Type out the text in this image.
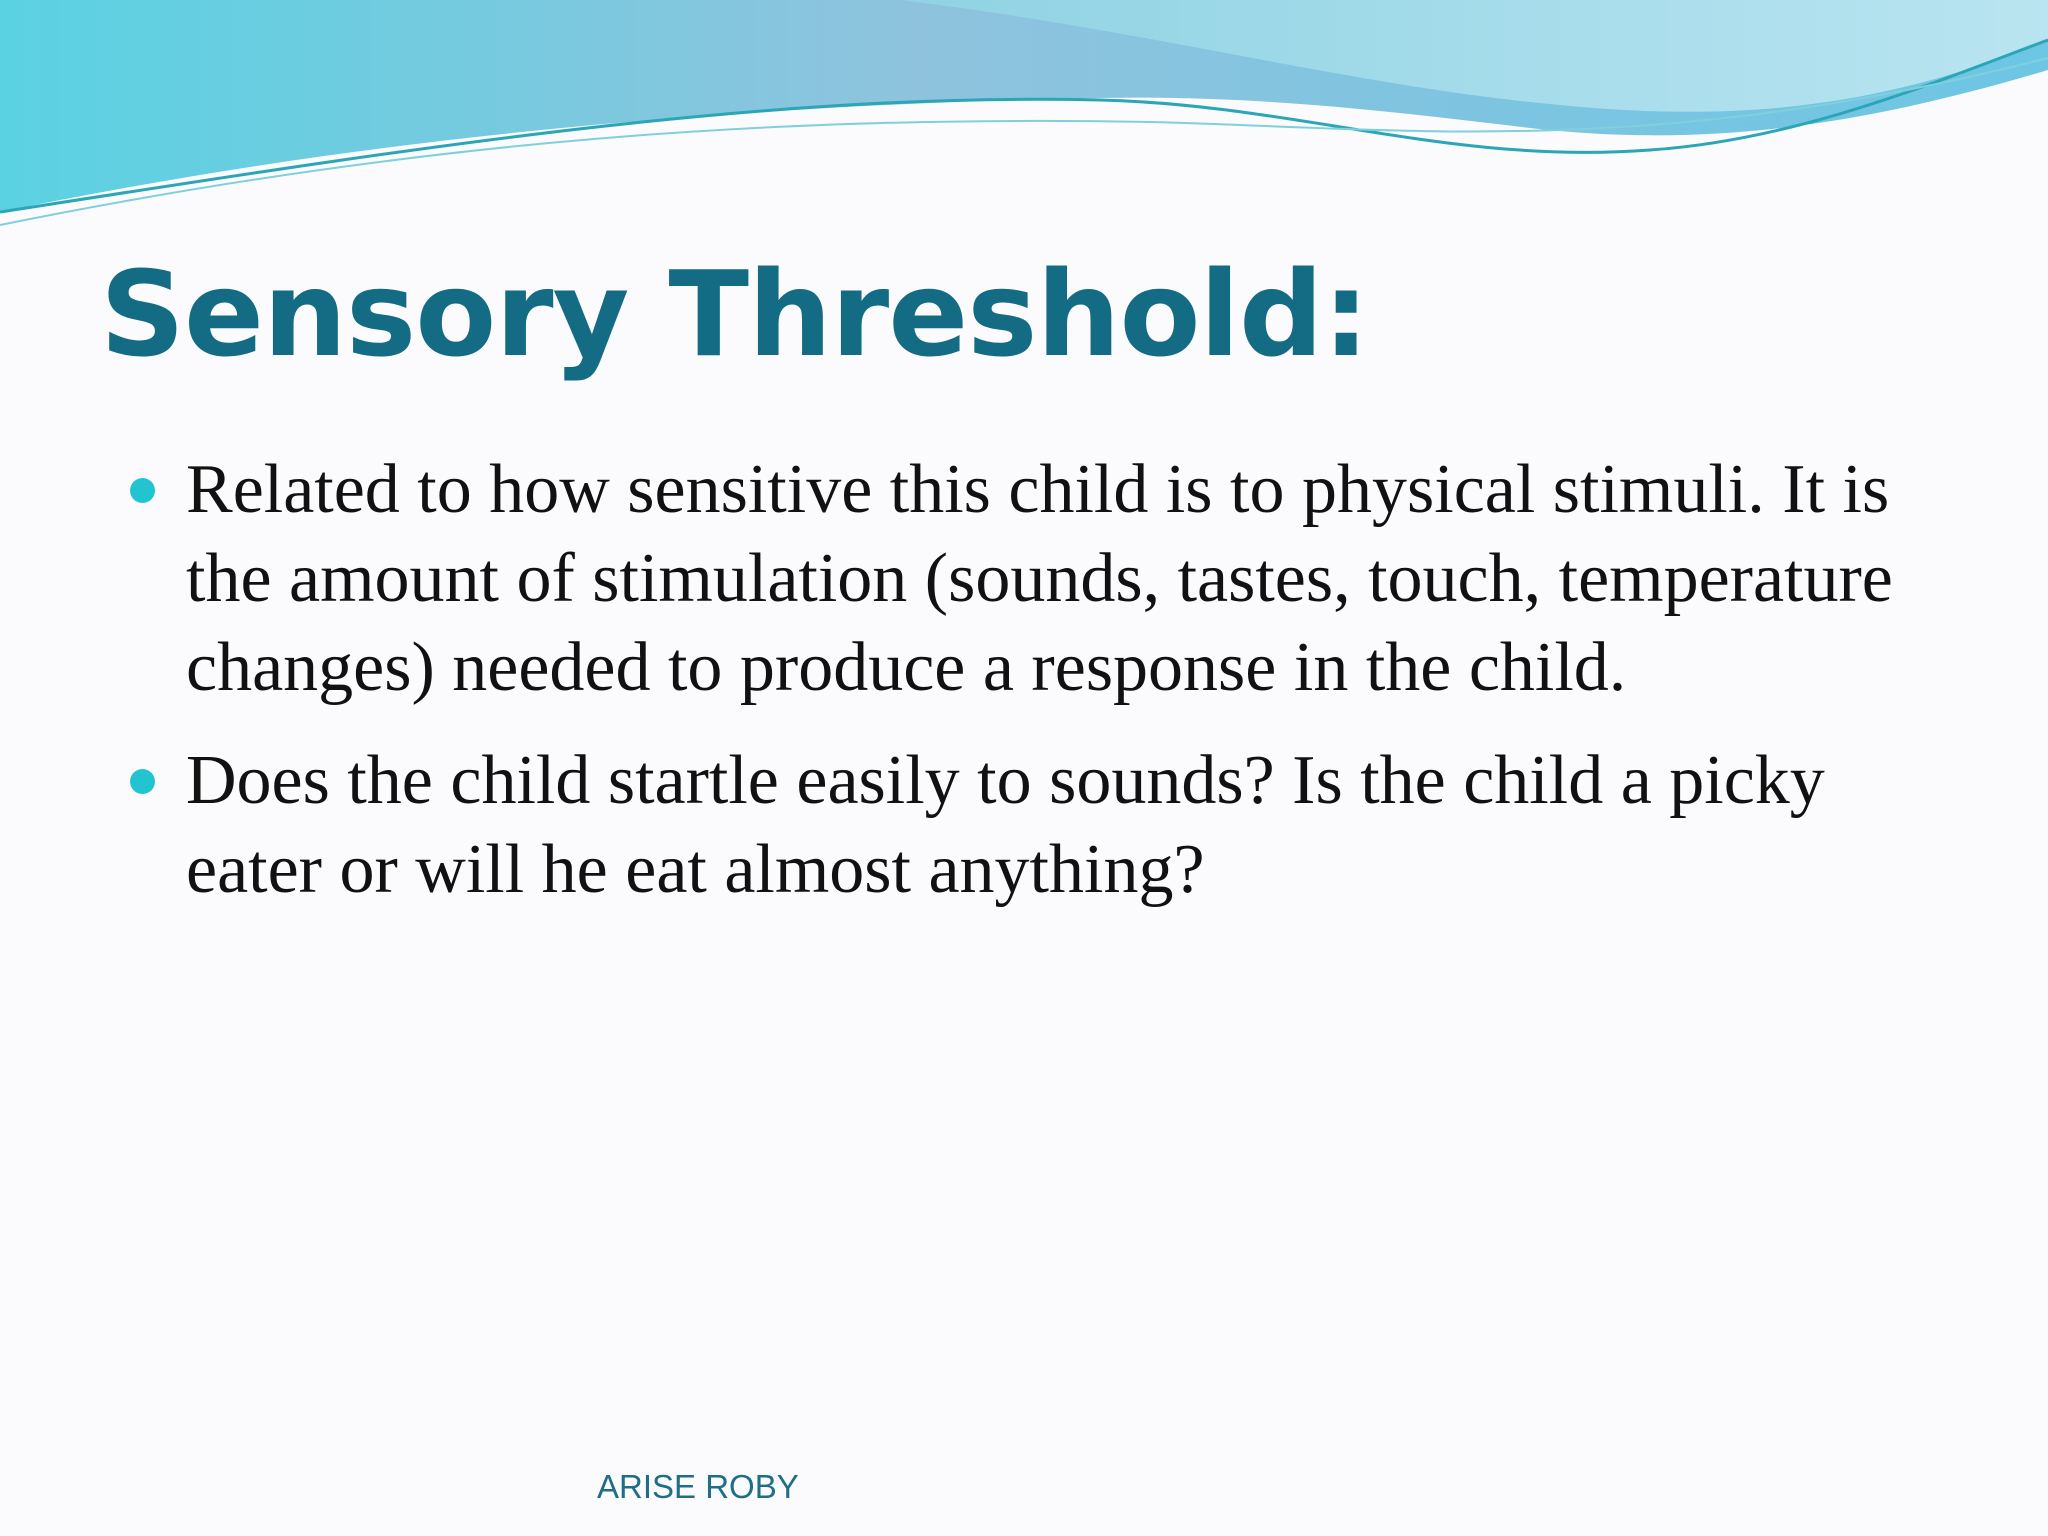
Sensory Threshold:
Related to how sensitive this child is to physical stimuli. It is the amount of stimulation (sounds, tastes, touch, temperature changes) needed to produce a response in the child.
Does the child startle easily to sounds? Is the child a picky eater or will he eat almost anything?
ARISE ROBY
